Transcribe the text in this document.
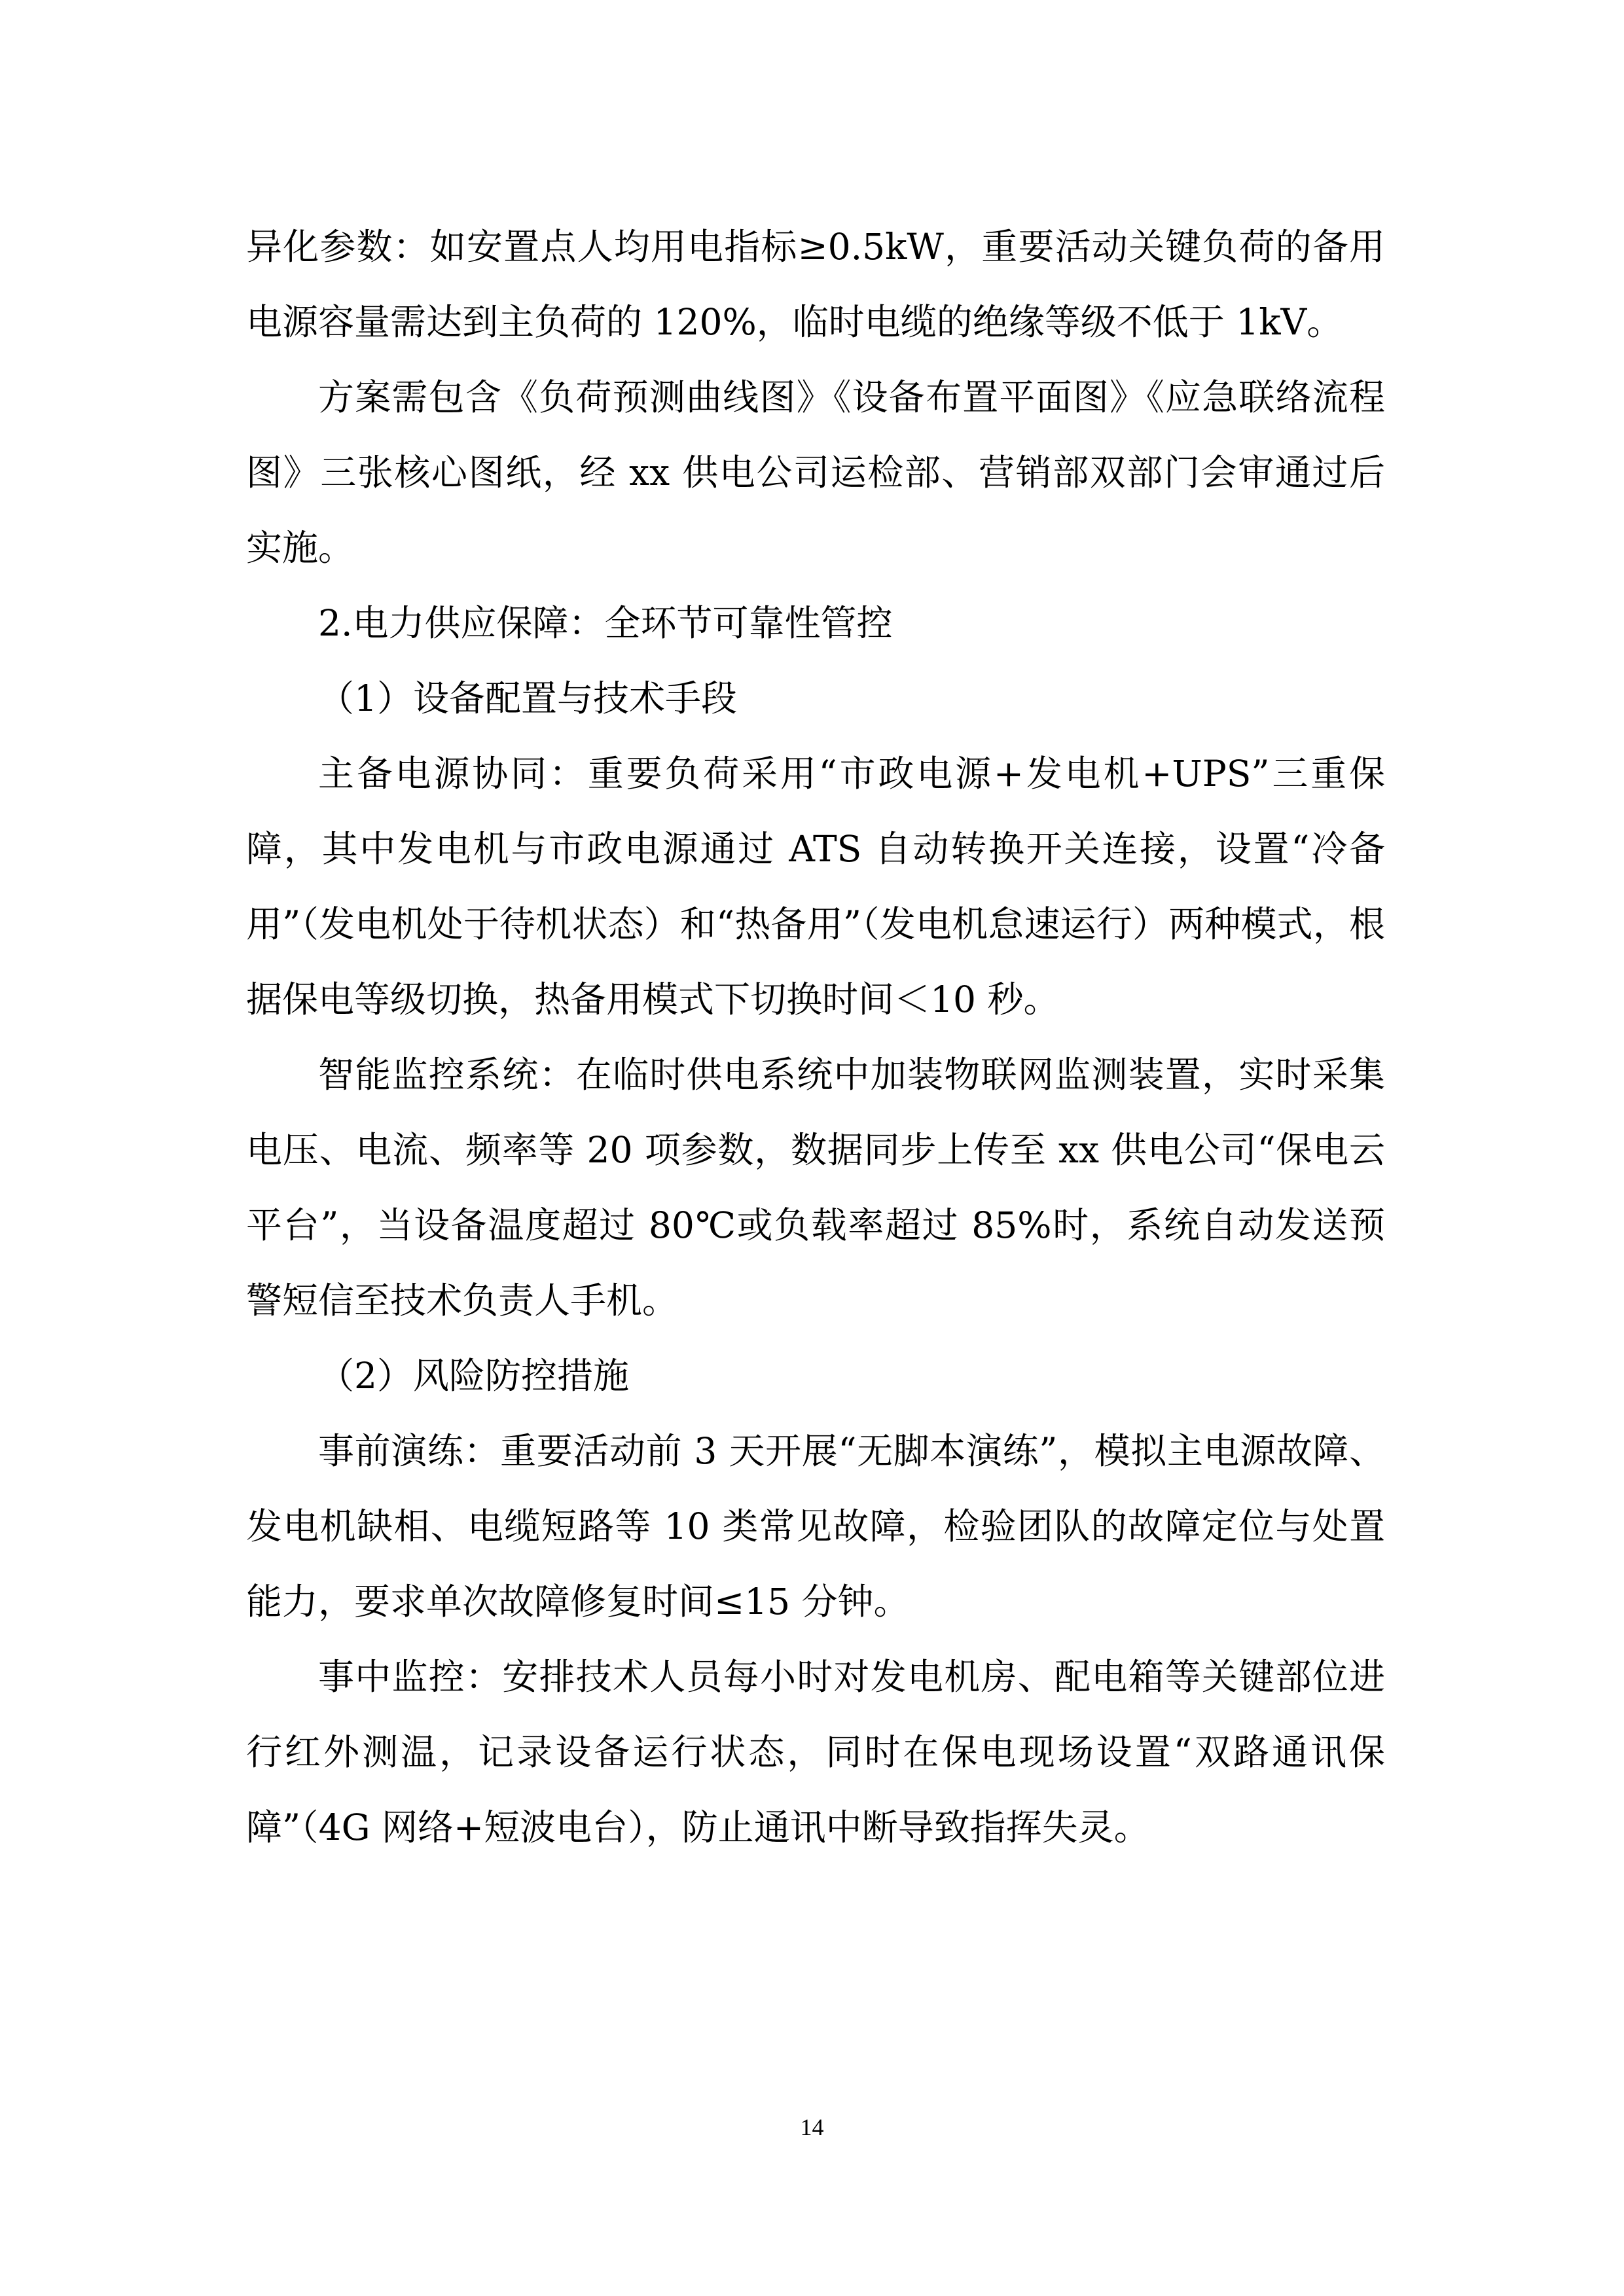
异化参数：如安置点人均用电指标≥0.5kW，重要活动关键负荷的备用电源容量需达到主负荷的 120%，临时电缆的绝缘等级不低于 1kV。

方案需包含《负荷预测曲线图》《设备布置平面图》《应急联络流程图》三张核心图纸，经 xx 供电公司运检部、营销部双部门会审通过后实施。

2.电力供应保障：全环节可靠性管控

（1）设备配置与技术手段

主备电源协同：重要负荷采用“市政电源+发电机+UPS”三重保障，其中发电机与市政电源通过 ATS 自动转换开关连接，设置“冷备用”（发电机处于待机状态）和“热备用”（发电机怠速运行）两种模式，根据保电等级切换，热备用模式下切换时间＜10 秒。

智能监控系统：在临时供电系统中加装物联网监测装置，实时采集电压、电流、频率等 20 项参数，数据同步上传至 xx 供电公司“保电云平台”，当设备温度超过 80℃或负载率超过 85%时，系统自动发送预警短信至技术负责人手机。

（2）风险防控措施

事前演练：重要活动前 3 天开展“无脚本演练”，模拟主电源故障、发电机缺相、电缆短路等 10 类常见故障，检验团队的故障定位与处置能力，要求单次故障修复时间≤15 分钟。

事中监控：安排技术人员每小时对发电机房、配电箱等关键部位进行红外测温，记录设备运行状态，同时在保电现场设置“双路通讯保障”（4G 网络+短波电台），防止通讯中断导致指挥失灵。

14
